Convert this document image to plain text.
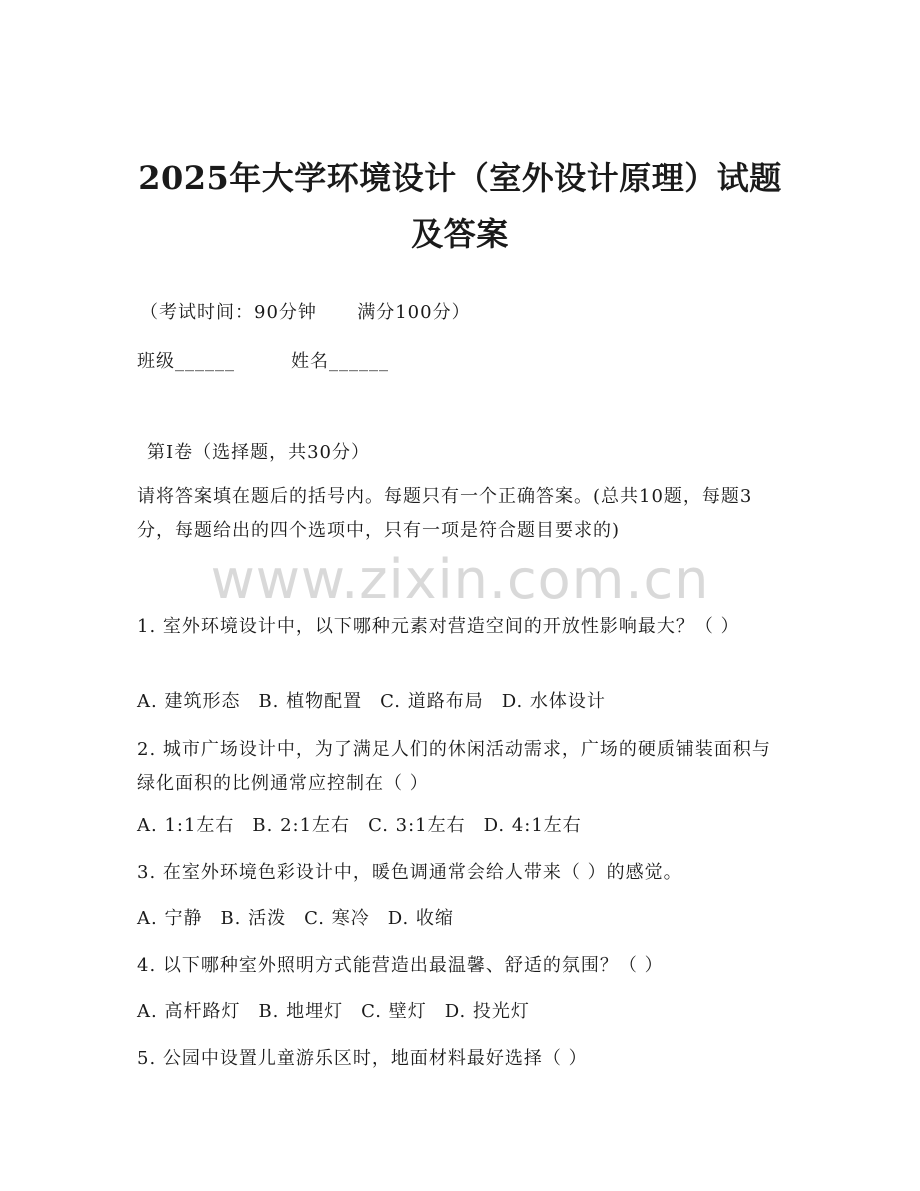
2025年大学环境设计（室外设计原理）试题
及答案
（考试时间：90分钟      满分100分）
班级______	姓名______
第Ⅰ卷（选择题，共30分）
请将答案填在题后的括号内。每题只有一个正确答案。(总共10题，每题3分，每题给出的四个选项中，只有一项是符合题目要求的)
www.zixin.com.cn
1. 室外环境设计中，以下哪种元素对营造空间的开放性影响最大？（ ）
A. 建筑形态 B. 植物配置 C. 道路布局 D. 水体设计
2. 城市广场设计中，为了满足人们的休闲活动需求，广场的硬质铺装面积与绿化面积的比例通常应控制在（ ）
A. 1:1左右 B. 2:1左右 C. 3:1左右 D. 4:1左右
3. 在室外环境色彩设计中，暖色调通常会给人带来（ ）的感觉。
A. 宁静 B. 活泼 C. 寒冷 D. 收缩
4. 以下哪种室外照明方式能营造出最温馨、舒适的氛围？（ ）
A. 高杆路灯 B. 地埋灯 C. 壁灯 D. 投光灯
5. 公园中设置儿童游乐区时，地面材料最好选择（ ）
